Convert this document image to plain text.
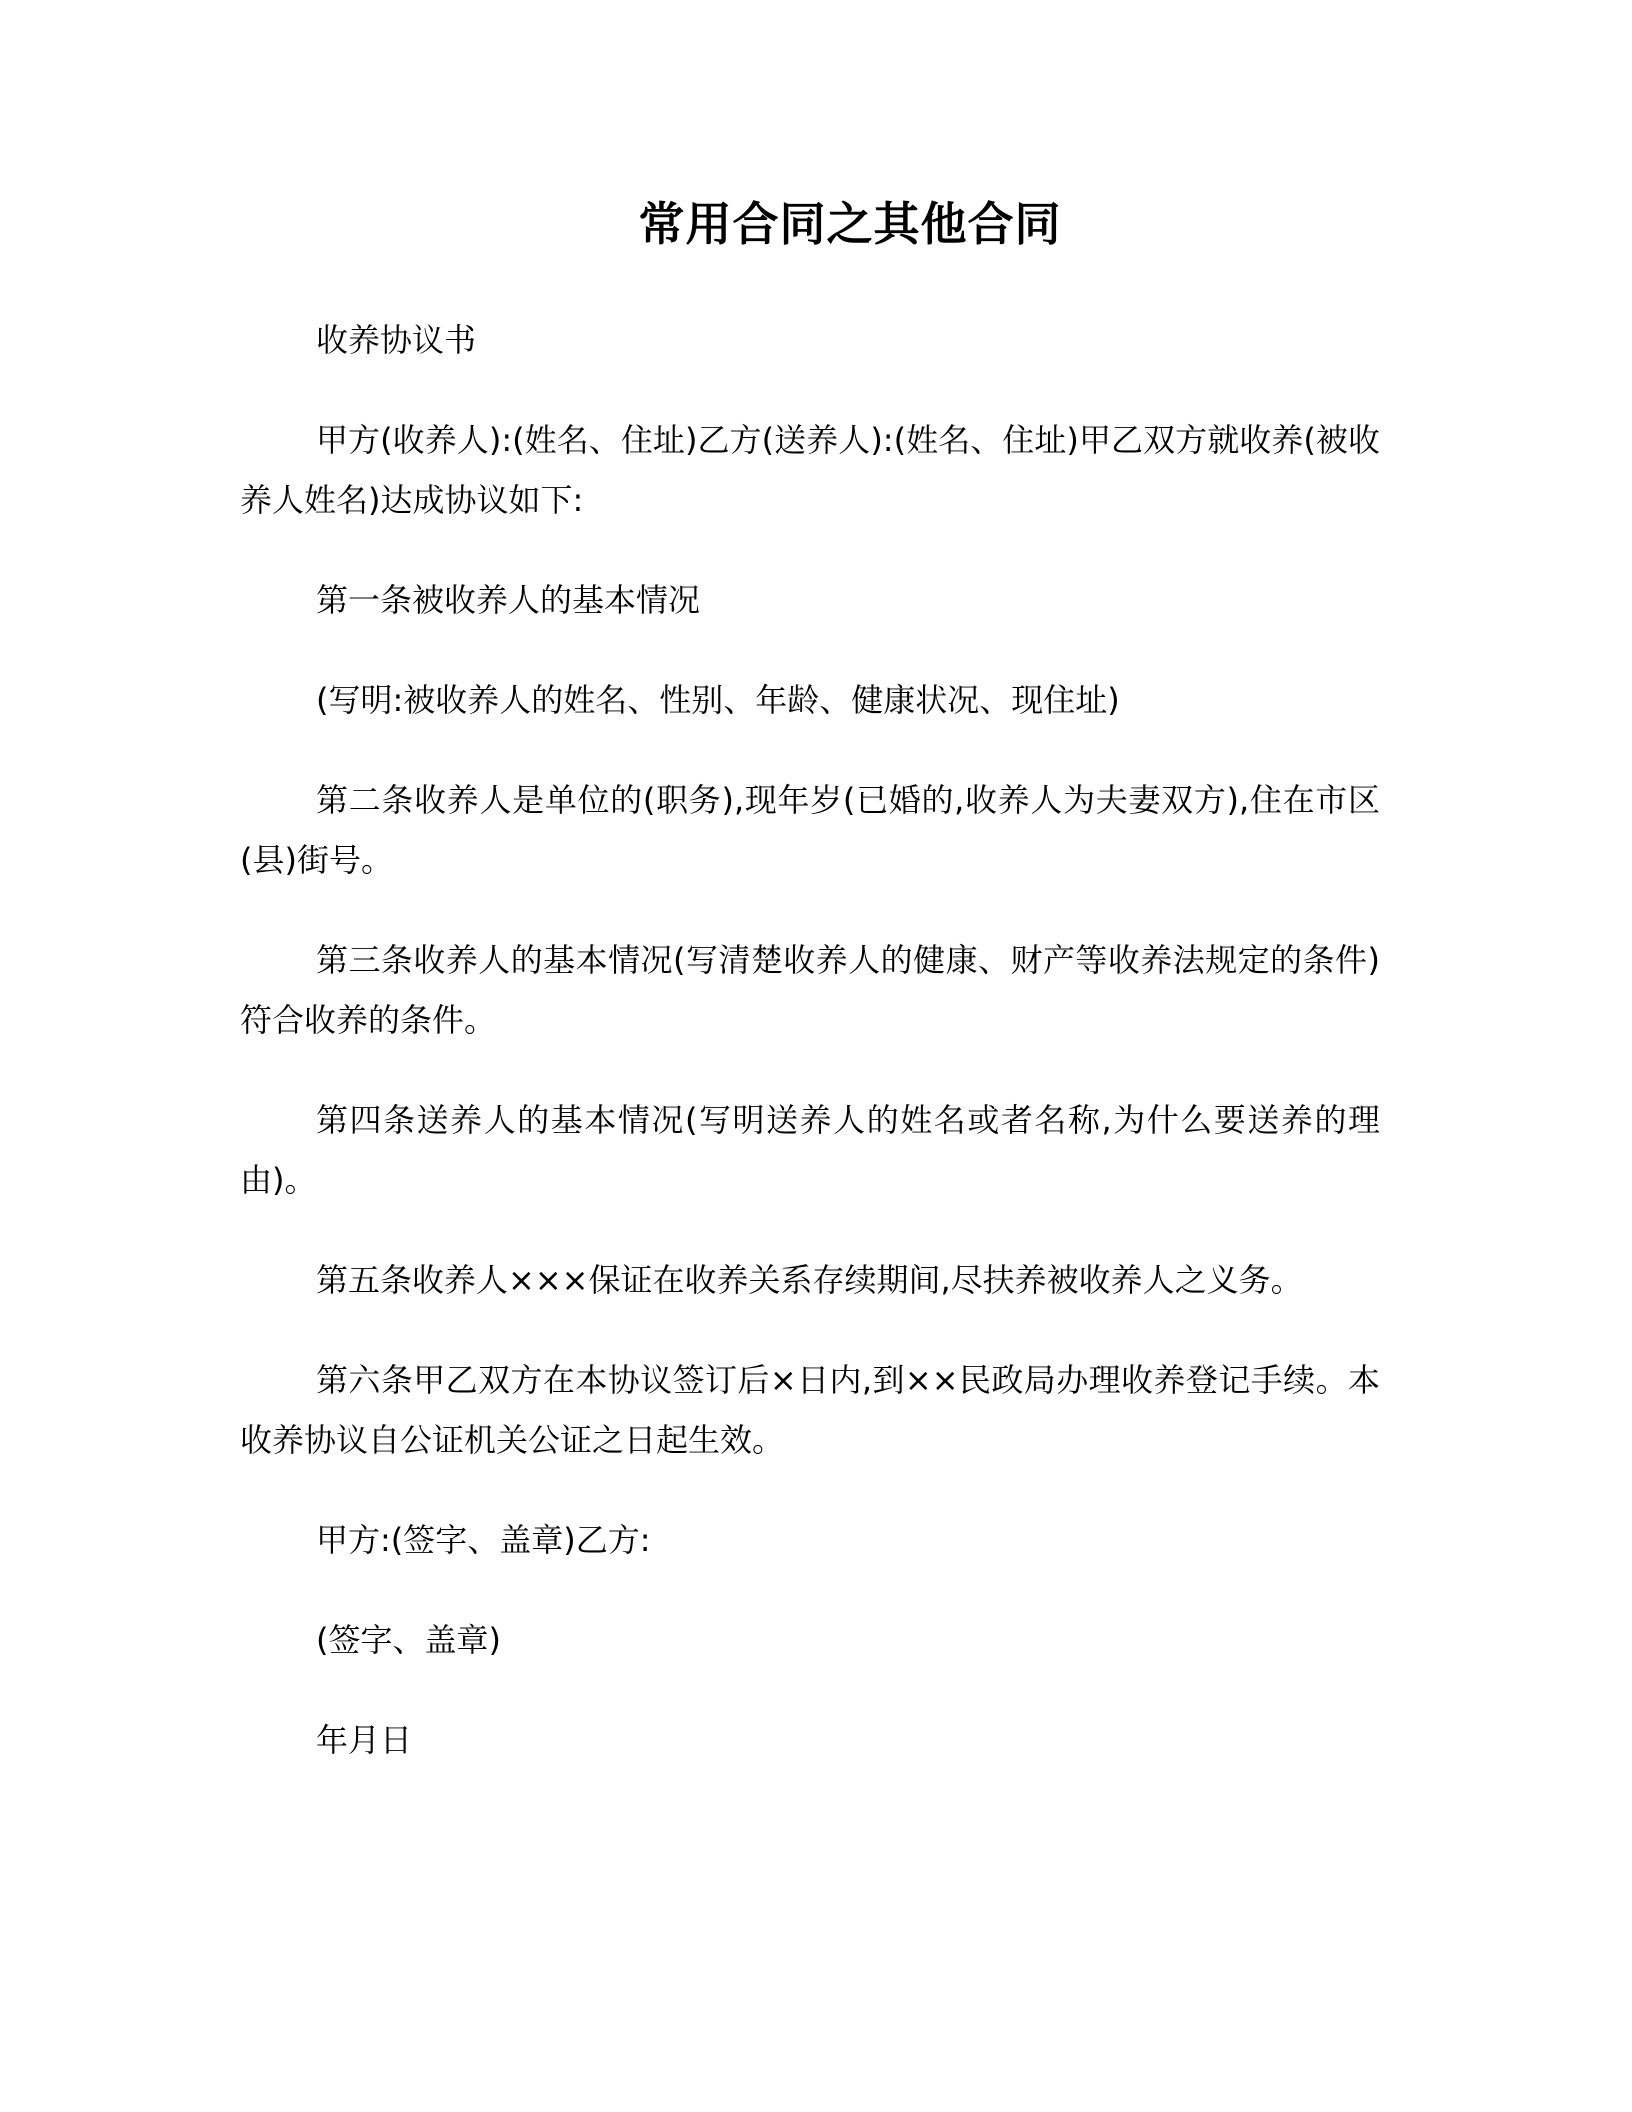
常用合同之其他合同

收养协议书

甲方(收养人):(姓名、住址)乙方(送养人):(姓名、住址)甲乙双方就收养(被收养人姓名)达成协议如下:

第一条被收养人的基本情况

(写明:被收养人的姓名、性别、年龄、健康状况、现住址)

第二条收养人是单位的(职务),现年岁(已婚的,收养人为夫妻双方),住在市区(县)街号。

第三条收养人的基本情况(写清楚收养人的健康、财产等收养法规定的条件)符合收养的条件。

第四条送养人的基本情况(写明送养人的姓名或者名称,为什么要送养的理由)。

第五条收养人×××保证在收养关系存续期间,尽扶养被收养人之义务。

第六条甲乙双方在本协议签订后×日内,到××民政局办理收养登记手续。本收养协议自公证机关公证之日起生效。

甲方:(签字、盖章)乙方:

(签字、盖章)

年月日
